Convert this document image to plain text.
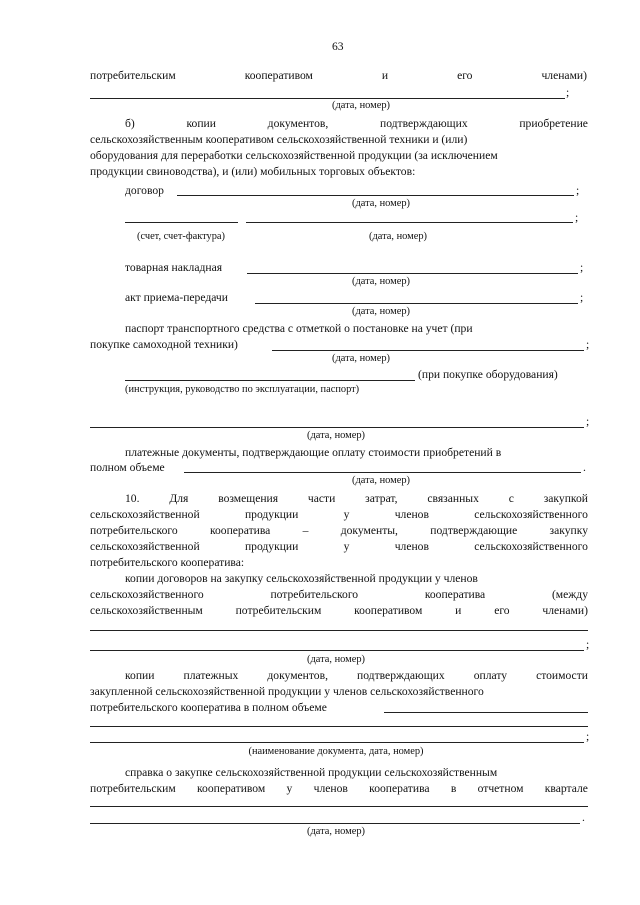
63
потребительским	кооперативом	и	его	членами)
;
(дата, номер)
б)	копии	документов,	подтверждающих	приобретение
сельскохозяйственным кооперативом сельскохозяйственной техники и (или)
оборудования для переработки сельскохозяйственной продукции (за исключением
продукции свиноводства), и (или) мобильных торговых объектов:
договор	;
(дата, номер)
;
(счет, счет-фактура)	(дата, номер)
товарная накладная	;
(дата, номер)
акт приема-передачи	;
(дата, номер)
паспорт транспортного средства с отметкой о постановке на учет (при
покупке самоходной техники)	;
(дата, номер)
(при покупке оборудования)
(инструкция, руководство по эксплуатации, паспорт)
;
(дата, номер)
платежные документы, подтверждающие оплату стоимости приобретений в
полном объеме	.
(дата, номер)
10.	Для	возмещения	части	затрат,	связанных	с	закупкой
сельскохозяйственной	продукции	у	членов	сельскохозяйственного
потребительского	кооператива	–	документы,	подтверждающие	закупку
сельскохозяйственной	продукции	у	членов	сельскохозяйственного
потребительского кооператива:
копии договоров на закупку сельскохозяйственной продукции у членов
сельскохозяйственного	потребительского	кооператива	(между
сельскохозяйственным	потребительским	кооперативом	и	его	членами)
;
(дата, номер)
копии	платежных	документов,	подтверждающих	оплату	стоимости
закупленной сельскохозяйственной продукции у членов сельскохозяйственного
потребительского кооператива в полном объеме
;
(наименование документа, дата, номер)
справка о закупке сельскохозяйственной продукции сельскохозяйственным
потребительским кооперативом у членов кооператива в отчетном квартале
.
(дата, номер)
